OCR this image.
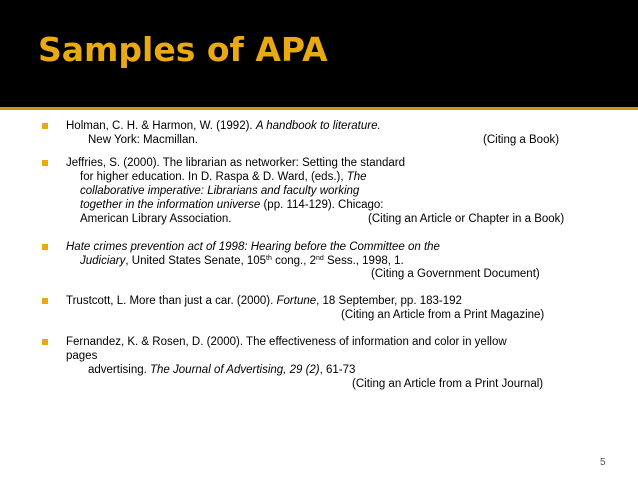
Samples of APA
Holman, C. H. & Harmon, W. (1992). A handbook to literature.
New York: Macmillan.	(Citing a Book)
Jeffries, S. (2000). The librarian as networker: Setting the standard
for higher education. In D. Raspa & D. Ward, (eds.), The
collaborative imperative: Librarians and faculty working
together in the information universe (pp. 114-129). Chicago:
American Library Association.	(Citing an Article or Chapter in a Book)
Hate crimes prevention act of 1998: Hearing before the Committee on the
Judiciary, United States Senate, 105th cong., 2nd Sess., 1998, 1.
(Citing a Government Document)
Trustcott, L. More than just a car. (2000). Fortune, 18 September, pp. 183-192
(Citing an Article from a Print Magazine)
Fernandez, K. & Rosen, D. (2000). The effectiveness of information and color in yellow
pages
advertising. The Journal of Advertising, 29 (2), 61-73
(Citing an Article from a Print Journal)
5
